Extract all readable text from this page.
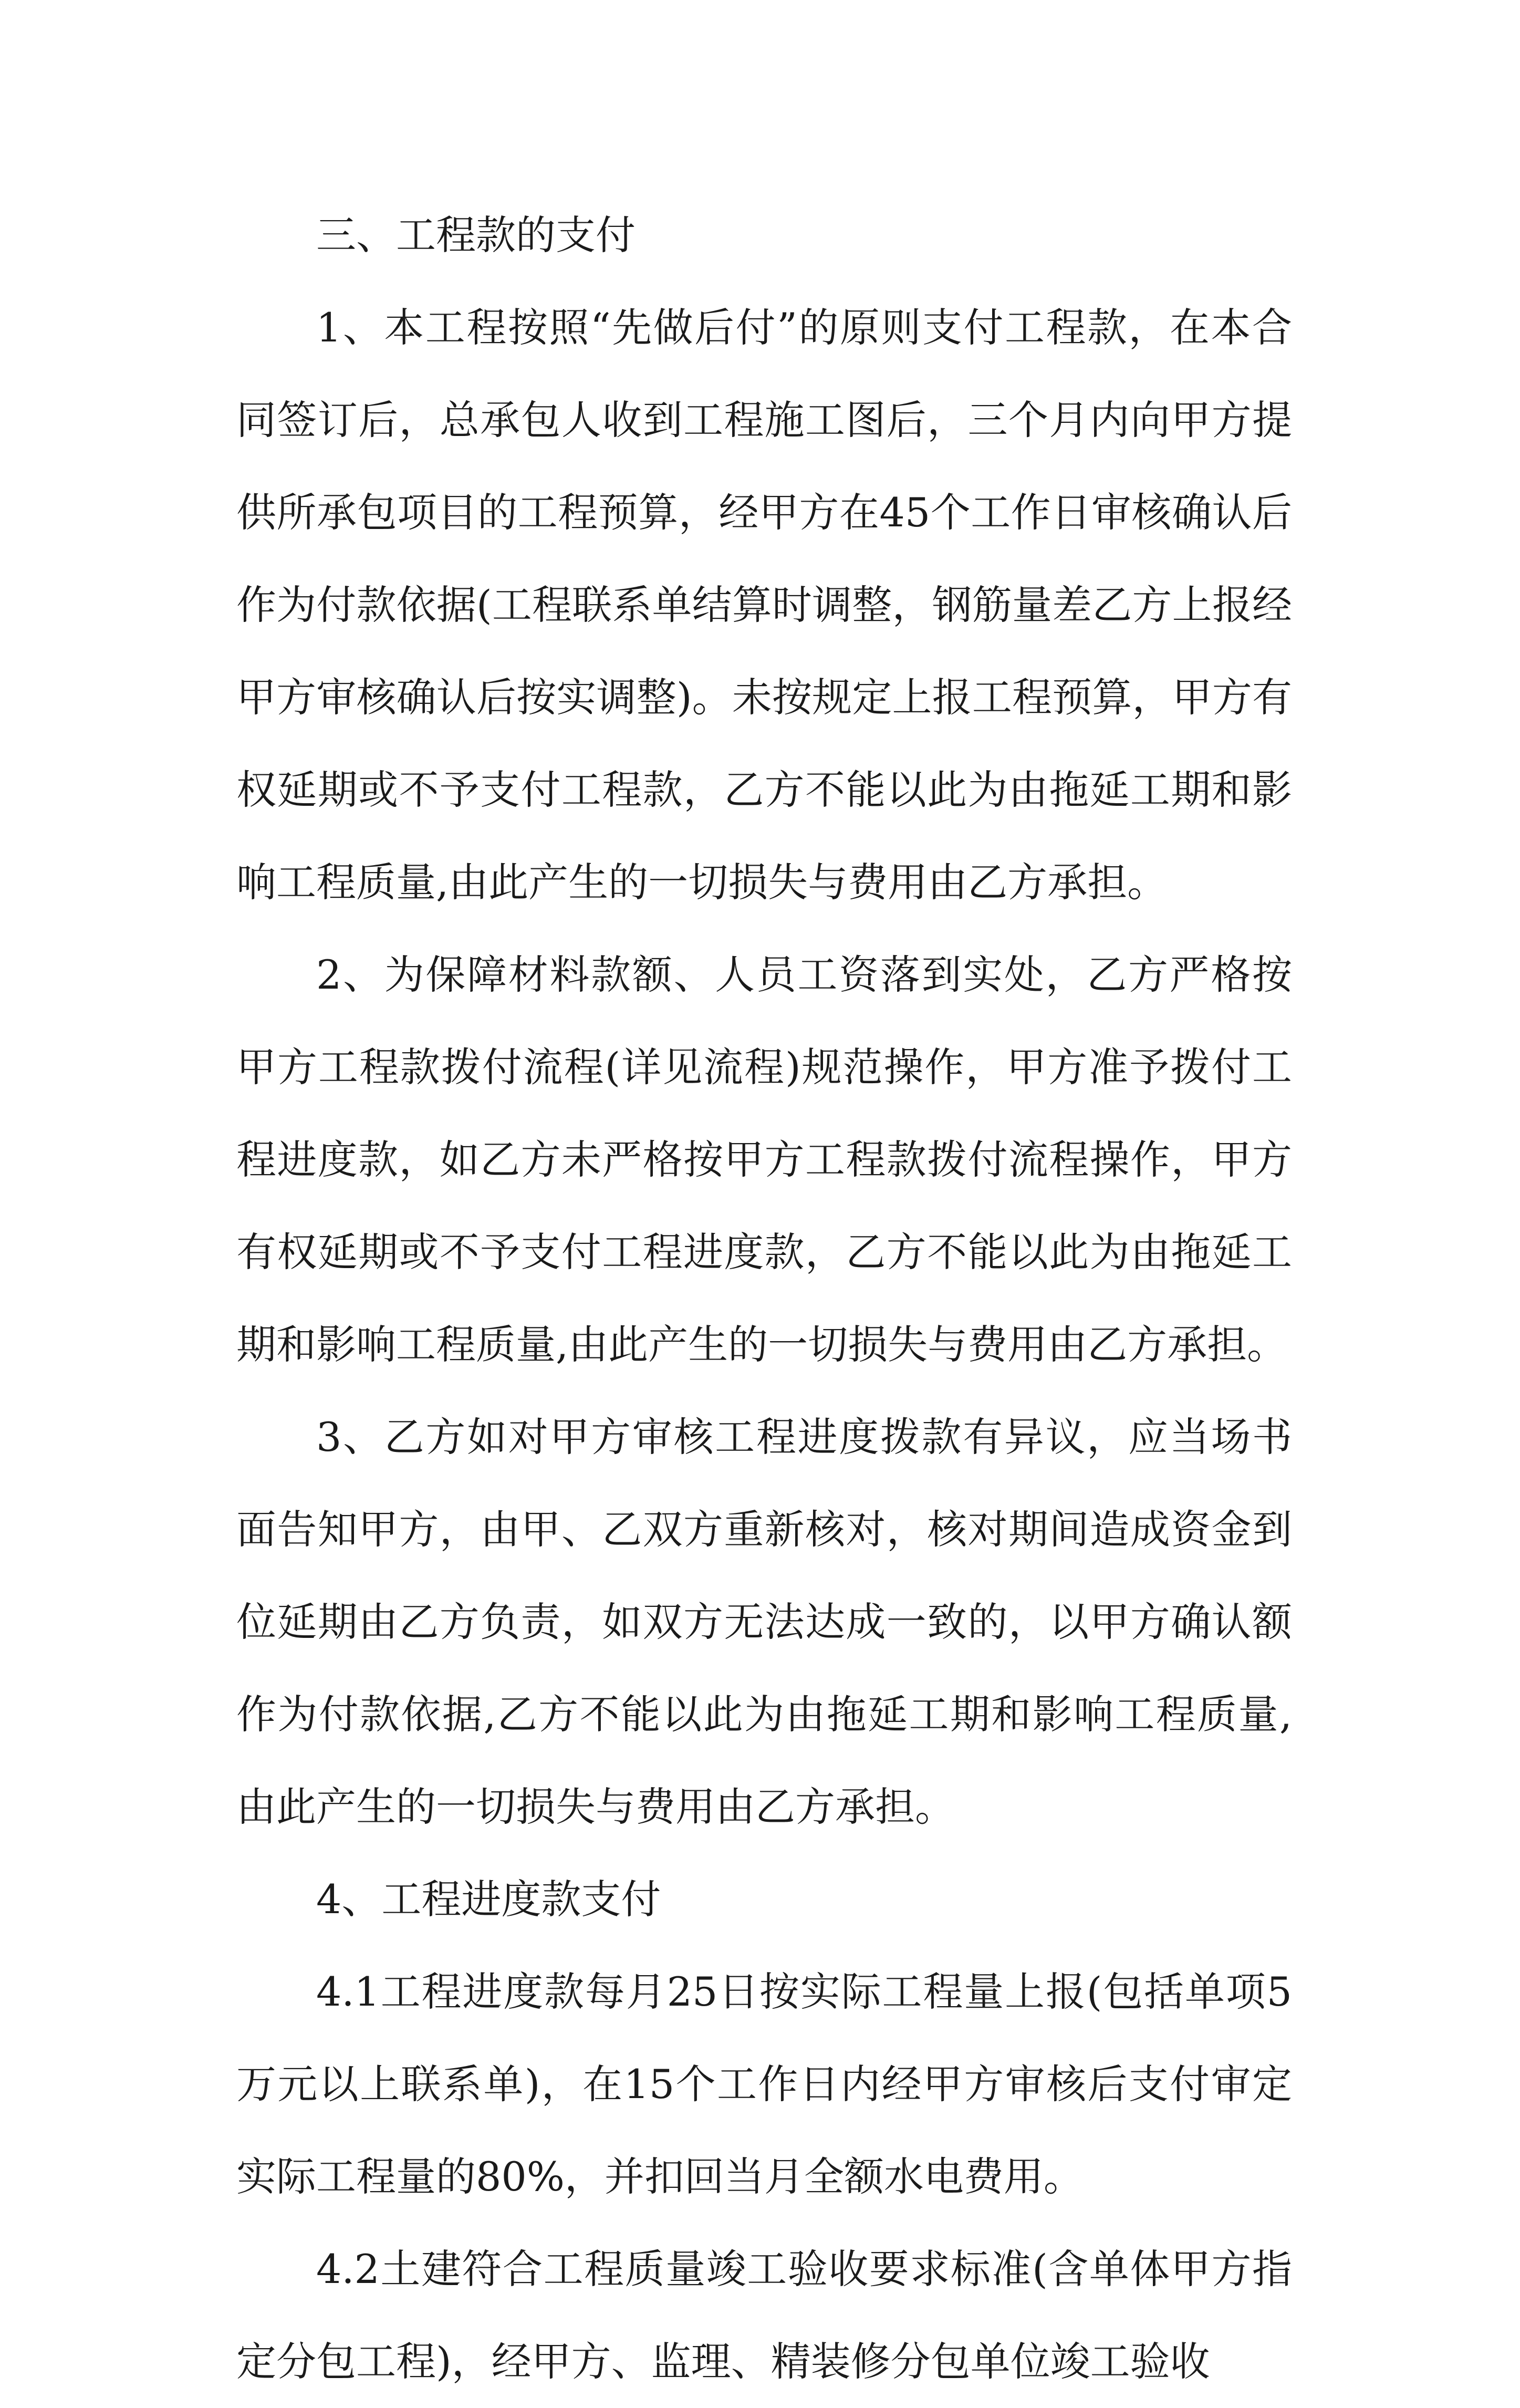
三、工程款的支付

1、本工程按照“先做后付”的原则支付工程款，在本合同签订后，总承包人收到工程施工图后，三个月内向甲方提供所承包项目的工程预算，经甲方在45个工作日审核确认后作为付款依据(工程联系单结算时调整，钢筋量差乙方上报经甲方审核确认后按实调整)。未按规定上报工程预算，甲方有权延期或不予支付工程款，乙方不能以此为由拖延工期和影响工程质量,由此产生的一切损失与费用由乙方承担。

2、为保障材料款额、人员工资落到实处，乙方严格按甲方工程款拨付流程(详见流程)规范操作，甲方准予拨付工程进度款，如乙方未严格按甲方工程款拨付流程操作，甲方有权延期或不予支付工程进度款，乙方不能以此为由拖延工期和影响工程质量,由此产生的一切损失与费用由乙方承担。

3、乙方如对甲方审核工程进度拨款有异议，应当场书面告知甲方，由甲、乙双方重新核对，核对期间造成资金到位延期由乙方负责，如双方无法达成一致的，以甲方确认额作为付款依据,乙方不能以此为由拖延工期和影响工程质量,由此产生的一切损失与费用由乙方承担。

4、工程进度款支付

4.1工程进度款每月25日按实际工程量上报(包括单项5万元以上联系单)，在15个工作日内经甲方审核后支付审定实际工程量的80%，并扣回当月全额水电费用。

4.2土建符合工程质量竣工验收要求标准(含单体甲方指定分包工程)，经甲方、监理、精装修分包单位竣工验收
